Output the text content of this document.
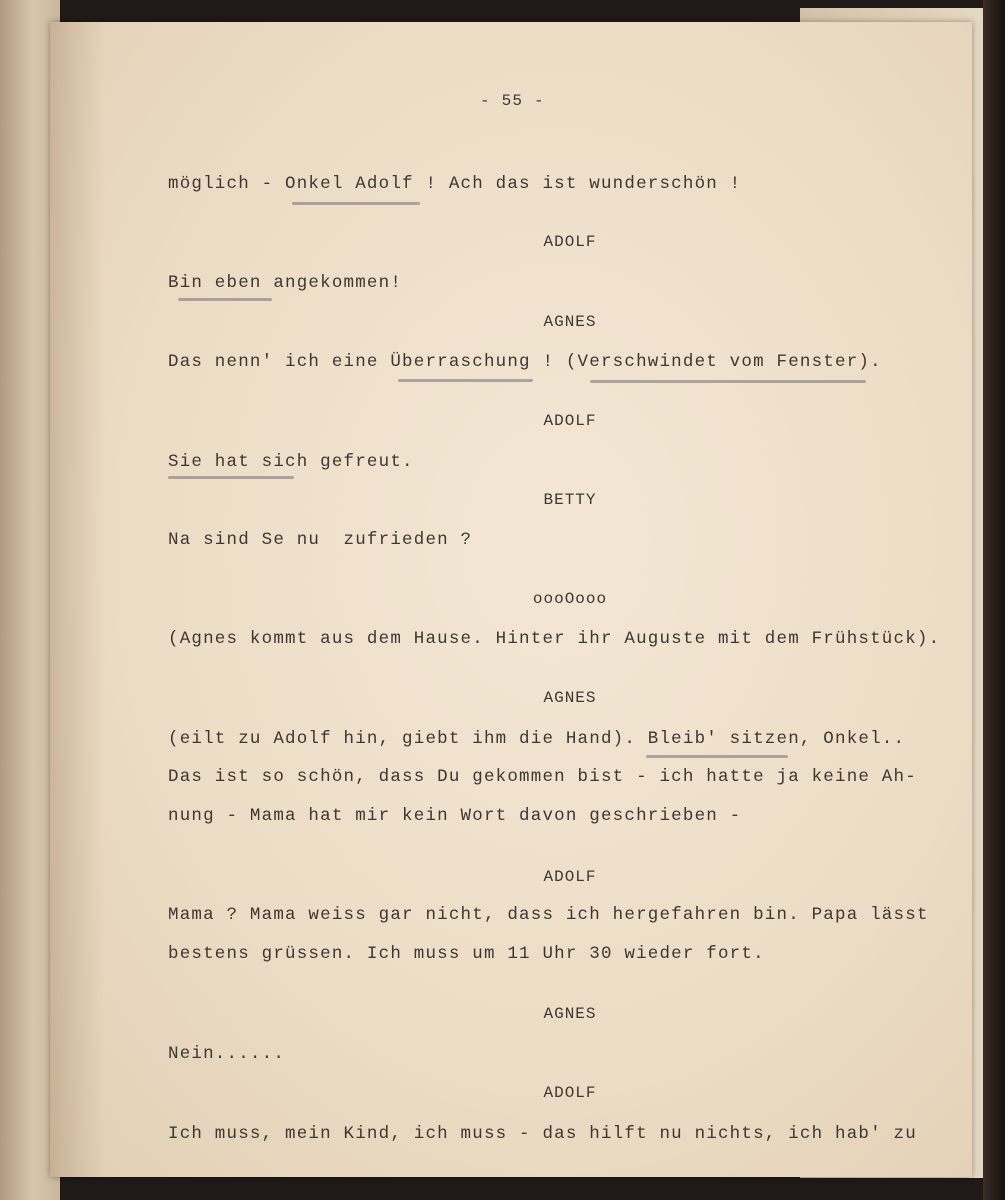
- 55 -
möglich - Onkel Adolf ! Ach das ist wunderschön !
ADOLF
Bin eben angekommen!
AGNES
Das nenn' ich eine Überraschung ! (Verschwindet vom Fenster).
ADOLF
Sie hat sich gefreut.
BETTY
Na sind Se nu  zufrieden ?
oooOooo
(Agnes kommt aus dem Hause. Hinter ihr Auguste mit dem Frühstück).
AGNES
(eilt zu Adolf hin, giebt ihm die Hand). Bleib' sitzen, Onkel..
Das ist so schön, dass Du gekommen bist - ich hatte ja keine Ah-
nung - Mama hat mir kein Wort davon geschrieben -
ADOLF
Mama ? Mama weiss gar nicht, dass ich hergefahren bin. Papa lässt
bestens grüssen. Ich muss um 11 Uhr 30 wieder fort.
AGNES
Nein......
ADOLF
Ich muss, mein Kind, ich muss - das hilft nu nichts, ich hab' zu
